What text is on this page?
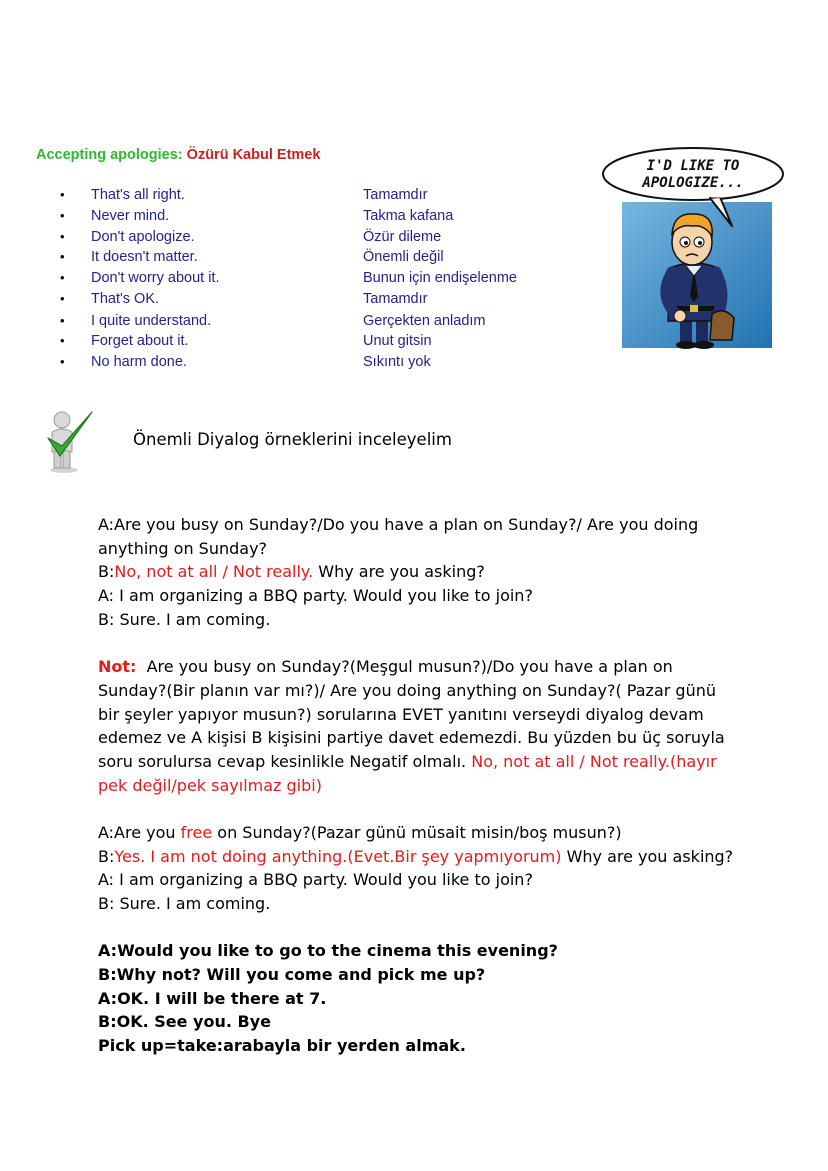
Accepting apologies: Özürü Kabul Etmek
•	That's all right.	Tamamdır
•	Never mind.	Takma kafana
•	Don't apologize.	Özür dileme
•	It doesn't matter.	Önemli değil
•	Don't worry about it.	Bunun için endişelenme
•	That's OK.	Tamamdır
•	I quite understand.	Gerçekten anladım
•	Forget about it.	Unut gitsin
•	No harm done.	Sıkıntı yok
I'D LIKE TO
APOLOGIZE...
Önemli Diyalog örneklerini inceleyelim
A:Are you busy on Sunday?/Do you have a plan on Sunday?/ Are you doing
anything on Sunday?
B:No, not at all / Not really. Why are you asking?
A: I am organizing a BBQ party. Would you like to join?
B: Sure. I am coming.
Not:  Are you busy on Sunday?(Meşgul musun?)/Do you have a plan on
Sunday?(Bir planın var mı?)/ Are you doing anything on Sunday?( Pazar günü
bir şeyler yapıyor musun?) sorularına EVET yanıtını verseydi diyalog devam
edemez ve A kişisi B kişisini partiye davet edemezdi. Bu yüzden bu üç soruyla
soru sorulursa cevap kesinlikle Negatif olmalı. No, not at all / Not really.(hayır
pek değil/pek sayılmaz gibi)
A:Are you free on Sunday?(Pazar günü müsait misin/boş musun?)
B:Yes. I am not doing anything.(Evet.Bir şey yapmıyorum) Why are you asking?
A: I am organizing a BBQ party. Would you like to join?
B: Sure. I am coming.
A:Would you like to go to the cinema this evening?
B:Why not? Will you come and pick me up?
A:OK. I will be there at 7.
B:OK. See you. Bye
Pick up=take:arabayla bir yerden almak.
